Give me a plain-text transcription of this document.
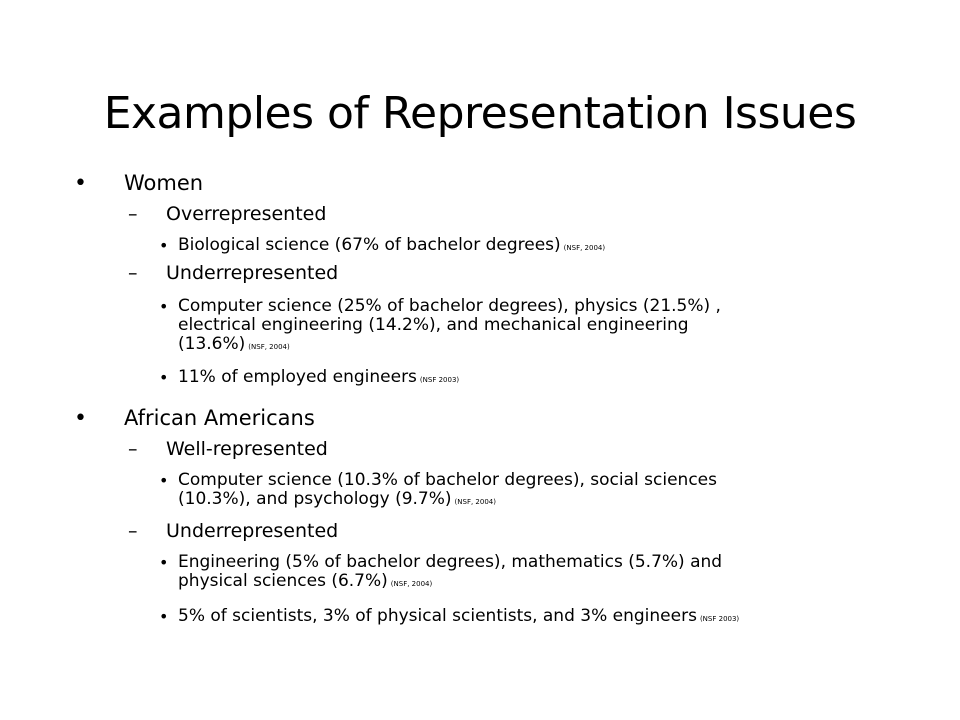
Examples of Representation Issues
• Women
– Overrepresented
• Biological science (67% of bachelor degrees) (NSF, 2004)
– Underrepresented
• Computer science (25% of bachelor degrees), physics (21.5%) ,
electrical engineering (14.2%), and mechanical engineering
(13.6%) (NSF, 2004)
• 11% of employed engineers (NSF 2003)
• African Americans
– Well-represented
• Computer science (10.3% of bachelor degrees), social sciences
(10.3%), and psychology (9.7%) (NSF, 2004)
– Underrepresented
• Engineering (5% of bachelor degrees), mathematics (5.7%) and
physical sciences (6.7%) (NSF, 2004)
• 5% of scientists, 3% of physical scientists, and 3% engineers (NSF 2003)
